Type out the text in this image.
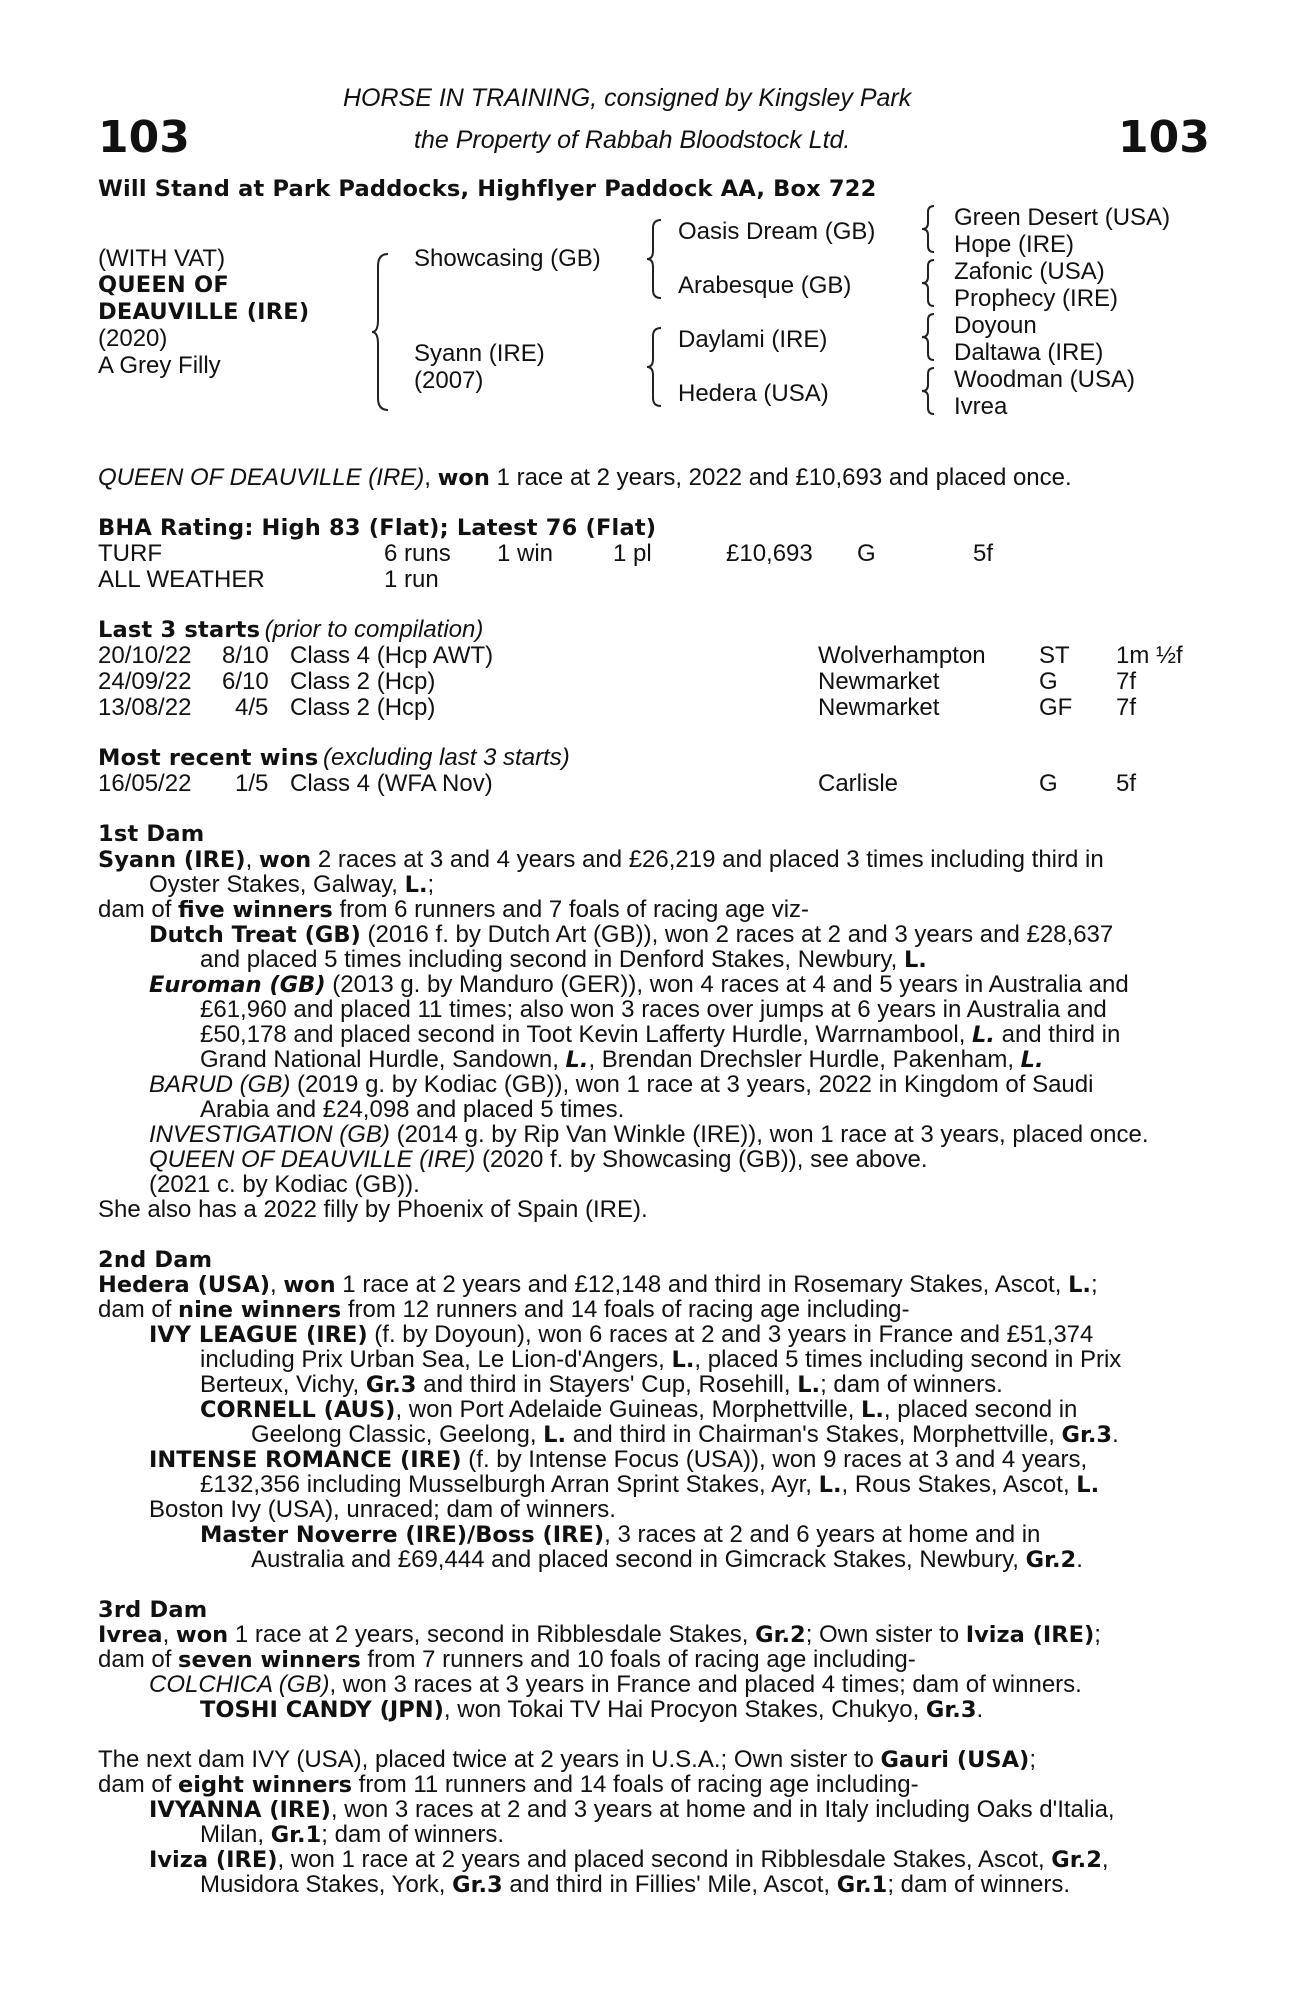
103	103
HORSE IN TRAINING, consigned by Kingsley Park
the Property of Rabbah Bloodstock Ltd.
Will Stand at Park Paddocks, Highflyer Paddock AA, Box 722
(WITH VAT)
QUEEN OF
DEAUVILLE (IRE)
(2020)
A Grey Filly
Showcasing (GB)
Syann (IRE)
(2007)
Oasis Dream (GB)
Arabesque (GB)
Daylami (IRE)
Hedera (USA)
Green Desert (USA)
Hope (IRE)
Zafonic (USA)
Prophecy (IRE)
Doyoun
Daltawa (IRE)
Woodman (USA)
Ivrea
QUEEN OF DEAUVILLE (IRE), won 1 race at 2 years, 2022 and £10,693 and placed once.
BHA Rating: High 83 (Flat); Latest 76 (Flat)
TURF	6 runs 1 win 1 pl	£10,693 G	5f
ALL WEATHER	1 run
Last 3 starts (prior to compilation)
20/10/22 8/10 Class 4 (Hcp AWT)	Wolverhampton ST 1m ½f
24/09/22 6/10 Class 2 (Hcp)	Newmarket	G 7f
13/08/22 4/5 Class 2 (Hcp)	Newmarket	GF 7f
Most recent wins (excluding last 3 starts)
16/05/22 1/5 Class 4 (WFA Nov)	Carlisle	G 5f
1st Dam
Syann (IRE), won 2 races at 3 and 4 years and £26,219 and placed 3 times including third in
Oyster Stakes, Galway, L.;
dam of five winners from 6 runners and 7 foals of racing age viz-
Dutch Treat (GB) (2016 f. by Dutch Art (GB)), won 2 races at 2 and 3 years and £28,637
and placed 5 times including second in Denford Stakes, Newbury, L.
Euroman (GB) (2013 g. by Manduro (GER)), won 4 races at 4 and 5 years in Australia and
£61,960 and placed 11 times; also won 3 races over jumps at 6 years in Australia and
£50,178 and placed second in Toot Kevin Lafferty Hurdle, Warrnambool, L. and third in
Grand National Hurdle, Sandown, L., Brendan Drechsler Hurdle, Pakenham, L.
BARUD (GB) (2019 g. by Kodiac (GB)), won 1 race at 3 years, 2022 in Kingdom of Saudi
Arabia and £24,098 and placed 5 times.
INVESTIGATION (GB) (2014 g. by Rip Van Winkle (IRE)), won 1 race at 3 years, placed once.
QUEEN OF DEAUVILLE (IRE) (2020 f. by Showcasing (GB)), see above.
(2021 c. by Kodiac (GB)).
She also has a 2022 filly by Phoenix of Spain (IRE).
2nd Dam
Hedera (USA), won 1 race at 2 years and £12,148 and third in Rosemary Stakes, Ascot, L.;
dam of nine winners from 12 runners and 14 foals of racing age including-
IVY LEAGUE (IRE) (f. by Doyoun), won 6 races at 2 and 3 years in France and £51,374
including Prix Urban Sea, Le Lion-d'Angers, L., placed 5 times including second in Prix
Berteux, Vichy, Gr.3 and third in Stayers' Cup, Rosehill, L.; dam of winners.
CORNELL (AUS), won Port Adelaide Guineas, Morphettville, L., placed second in
Geelong Classic, Geelong, L. and third in Chairman's Stakes, Morphettville, Gr.3.
INTENSE ROMANCE (IRE) (f. by Intense Focus (USA)), won 9 races at 3 and 4 years,
£132,356 including Musselburgh Arran Sprint Stakes, Ayr, L., Rous Stakes, Ascot, L.
Boston Ivy (USA), unraced; dam of winners.
Master Noverre (IRE)/Boss (IRE), 3 races at 2 and 6 years at home and in
Australia and £69,444 and placed second in Gimcrack Stakes, Newbury, Gr.2.
3rd Dam
Ivrea, won 1 race at 2 years, second in Ribblesdale Stakes, Gr.2; Own sister to Iviza (IRE);
dam of seven winners from 7 runners and 10 foals of racing age including-
COLCHICA (GB), won 3 races at 3 years in France and placed 4 times; dam of winners.
TOSHI CANDY (JPN), won Tokai TV Hai Procyon Stakes, Chukyo, Gr.3.
The next dam IVY (USA), placed twice at 2 years in U.S.A.; Own sister to Gauri (USA);
dam of eight winners from 11 runners and 14 foals of racing age including-
IVYANNA (IRE), won 3 races at 2 and 3 years at home and in Italy including Oaks d'Italia,
Milan, Gr.1; dam of winners.
Iviza (IRE), won 1 race at 2 years and placed second in Ribblesdale Stakes, Ascot, Gr.2,
Musidora Stakes, York, Gr.3 and third in Fillies' Mile, Ascot, Gr.1; dam of winners.
